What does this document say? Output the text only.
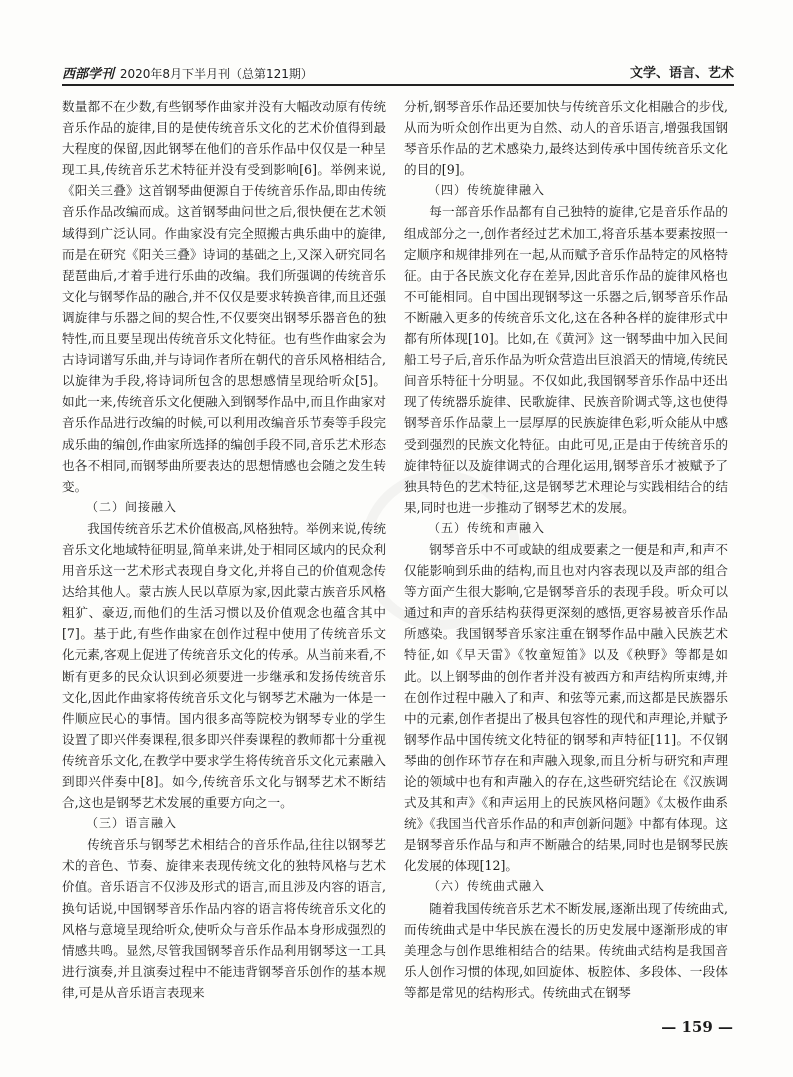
西部学刊 2020年8月下半月刊（总第121期）	文学、语言、艺术

数量都不在少数,有些钢琴作曲家并没有大幅改动原有传统音乐作品的旋律,目的是使传统音乐文化的艺术价值得到最大程度的保留,因此钢琴在他们的音乐作品中仅仅是一种呈现工具,传统音乐艺术特征并没有受到影响[6]。举例来说,《阳关三叠》这首钢琴曲便源自于传统音乐作品,即由传统音乐作品改编而成。这首钢琴曲问世之后,很快便在艺术领域得到广泛认同。作曲家没有完全照搬古典乐曲中的旋律,而是在研究《阳关三叠》诗词的基础之上,又深入研究同名琵琶曲后,才着手进行乐曲的改编。我们所强调的传统音乐文化与钢琴作品的融合,并不仅仅是要求转换音律,而且还强调旋律与乐器之间的契合性,不仅要突出钢琴乐器音色的独特性,而且要呈现出传统音乐文化特征。也有些作曲家会为古诗词谱写乐曲,并与诗词作者所在朝代的音乐风格相结合,以旋律为手段,将诗词所包含的思想感情呈现给听众[5]。如此一来,传统音乐文化便融入到钢琴作品中,而且作曲家对音乐作品进行改编的时候,可以利用改编音乐节奏等手段完成乐曲的编创,作曲家所选择的编创手段不同,音乐艺术形态也各不相同,而钢琴曲所要表达的思想情感也会随之发生转变。

（二）间接融入

我国传统音乐艺术价值极高,风格独特。举例来说,传统音乐文化地域特征明显,简单来讲,处于相同区域内的民众利用音乐这一艺术形式表现自身文化,并将自己的价值观念传达给其他人。蒙古族人民以草原为家,因此蒙古族音乐风格粗犷、豪迈,而他们的生活习惯以及价值观念也蕴含其中[7]。基于此,有些作曲家在创作过程中使用了传统音乐文化元素,客观上促进了传统音乐文化的传承。从当前来看,不断有更多的民众认识到必须要进一步继承和发扬传统音乐文化,因此作曲家将传统音乐文化与钢琴艺术融为一体是一件顺应民心的事情。国内很多高等院校为钢琴专业的学生设置了即兴伴奏课程,很多即兴伴奏课程的教师都十分重视传统音乐文化,在教学中要求学生将传统音乐文化元素融入到即兴伴奏中[8]。如今,传统音乐文化与钢琴艺术不断结合,这也是钢琴艺术发展的重要方向之一。

（三）语言融入

传统音乐与钢琴艺术相结合的音乐作品,往往以钢琴艺术的音色、节奏、旋律来表现传统文化的独特风格与艺术价值。音乐语言不仅涉及形式的语言,而且涉及内容的语言,换句话说,中国钢琴音乐作品内容的语言将传统音乐文化的风格与意境呈现给听众,使听众与音乐作品本身形成强烈的情感共鸣。显然,尽管我国钢琴音乐作品利用钢琴这一工具进行演奏,并且演奏过程中不能违背钢琴音乐创作的基本规律,可是从音乐语言表现来

分析,钢琴音乐作品还要加快与传统音乐文化相融合的步伐,从而为听众创作出更为自然、动人的音乐语言,增强我国钢琴音乐作品的艺术感染力,最终达到传承中国传统音乐文化的目的[9]。

（四）传统旋律融入

每一部音乐作品都有自己独特的旋律,它是音乐作品的组成部分之一,创作者经过艺术加工,将音乐基本要素按照一定顺序和规律排列在一起,从而赋予音乐作品特定的风格特征。由于各民族文化存在差异,因此音乐作品的旋律风格也不可能相同。自中国出现钢琴这一乐器之后,钢琴音乐作品不断融入更多的传统音乐文化,这在各种各样的旋律形式中都有所体现[10]。比如,在《黄河》这一钢琴曲中加入民间船工号子后,音乐作品为听众营造出巨浪滔天的情境,传统民间音乐特征十分明显。不仅如此,我国钢琴音乐作品中还出现了传统器乐旋律、民歌旋律、民族音阶调式等,这也使得钢琴音乐作品蒙上一层厚厚的民族旋律色彩,听众能从中感受到强烈的民族文化特征。由此可见,正是由于传统音乐的旋律特征以及旋律调式的合理化运用,钢琴音乐才被赋予了独具特色的艺术特征,这是钢琴艺术理论与实践相结合的结果,同时也进一步推动了钢琴艺术的发展。

（五）传统和声融入

钢琴音乐中不可或缺的组成要素之一便是和声,和声不仅能影响到乐曲的结构,而且也对内容表现以及声部的组合等方面产生很大影响,它是钢琴音乐的表现手段。听众可以通过和声的音乐结构获得更深刻的感悟,更容易被音乐作品所感染。我国钢琴音乐家注重在钢琴作品中融入民族艺术特征,如《早天雷》《牧童短笛》以及《秧野》等都是如此。以上钢琴曲的创作者并没有被西方和声结构所束缚,并在创作过程中融入了和声、和弦等元素,而这都是民族器乐中的元素,创作者提出了极具包容性的现代和声理论,并赋予钢琴作品中国传统文化特征的钢琴和声特征[11]。不仅钢琴曲的创作环节存在和声融入现象,而且分析与研究和声理论的领域中也有和声融入的存在,这些研究结论在《汉族调式及其和声》《和声运用上的民族风格问题》《太极作曲系统》《我国当代音乐作品的和声创新问题》中都有体现。这是钢琴音乐作品与和声不断融合的结果,同时也是钢琴民族化发展的体现[12]。

（六）传统曲式融入

随着我国传统音乐艺术不断发展,逐渐出现了传统曲式,而传统曲式是中华民族在漫长的历史发展中逐渐形成的审美理念与创作思维相结合的结果。传统曲式结构是我国音乐人创作习惯的体现,如回旋体、板腔体、多段体、一段体等都是常见的结构形式。传统曲式在钢琴

— 159 —
